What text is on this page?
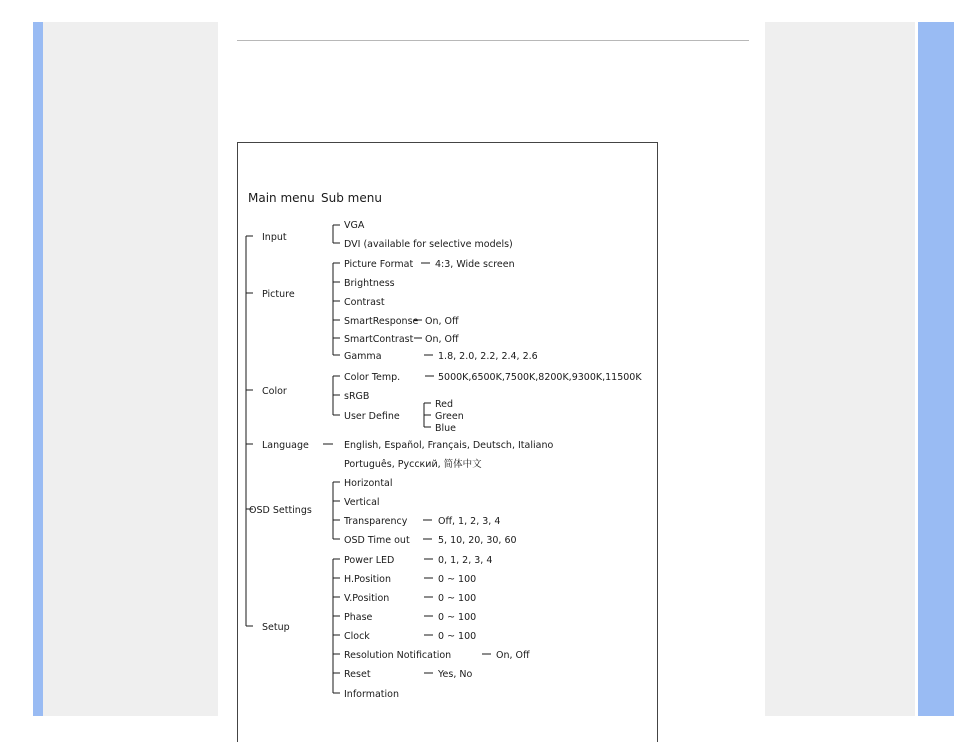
Main menu Sub menu
Input
Picture
Color
Language
OSD Settings
Setup
VGA
DVI (available for selective models)
Picture Format 4:3, Wide screen
Brightness
Contrast
SmartResponse On, Off
SmartContrast On, Off
Gamma	1.8, 2.0, 2.2, 2.4, 2.6
Color Temp.	5000K,6500K,7500K,8200K,9300K,11500K
sRGB
User Define
Red
Green
Blue
English, Español, Français, Deutsch, Italiano
Português, Русский, 简体中文
Horizontal
Vertical
Transparency	Off, 1, 2, 3, 4
OSD Time out	5, 10, 20, 30, 60
Power LED	0, 1, 2, 3, 4
H.Position	0 ~ 100
V.Position	0 ~ 100
Phase	0 ~ 100
Clock	0 ~ 100
Resolution Notification	On, Off
Reset	Yes, No
Information
